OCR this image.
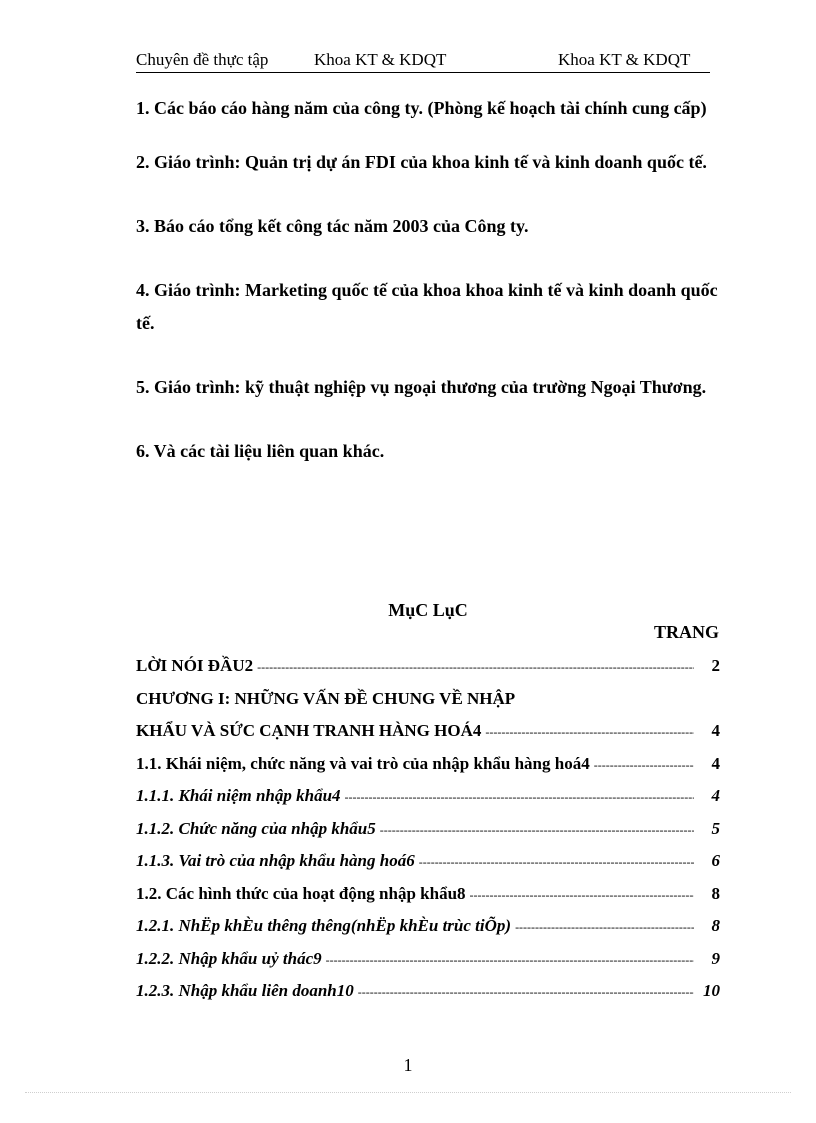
Chuyên đề thực tập	Khoa KT & KDQT	Khoa KT & KDQT

1. Các báo cáo hàng năm của công ty. (Phòng kế hoạch tài chính cung cấp)

2. Giáo trình: Quản trị dự án FDI của khoa kinh tế và kinh doanh quốc tế.

3. Báo cáo tổng kết công tác năm 2003 của Công ty.

4. Giáo trình: Marketing quốc tế của khoa khoa kinh tế và kinh doanh quốc tế.

5. Giáo trình: kỹ thuật nghiệp vụ ngoại thương của trường Ngoại Thương.

6. Và các tài liệu liên quan khác.

MụC LụC
TRANG
LỜI NÓI ĐẦU2 -----	2
CHƯƠNG I: NHỮNG VẤN ĐỀ CHUNG VỀ NHẬP
KHẨU VÀ SỨC CẠNH TRANH HÀNG HOÁ4 -----	4
1.1. Khái niệm, chức năng và vai trò của nhập khẩu hàng hoá4 -----	4
1.1.1. Khái niệm nhập khẩu4 -----	4
1.1.2. Chức năng của nhập khẩu5 -----	5
1.1.3. Vai trò của nhập khẩu hàng hoá6 -----	6
1.2. Các hình thức của hoạt động nhập khẩu8 -----	8
1.2.1. NhËp khÈu thêng thêng(nhËp khÈu trùc tiÕp) -----	8
1.2.2. Nhập khẩu uỷ thác9 -----	9
1.2.3. Nhập khẩu liên doanh10 -----	10
1
